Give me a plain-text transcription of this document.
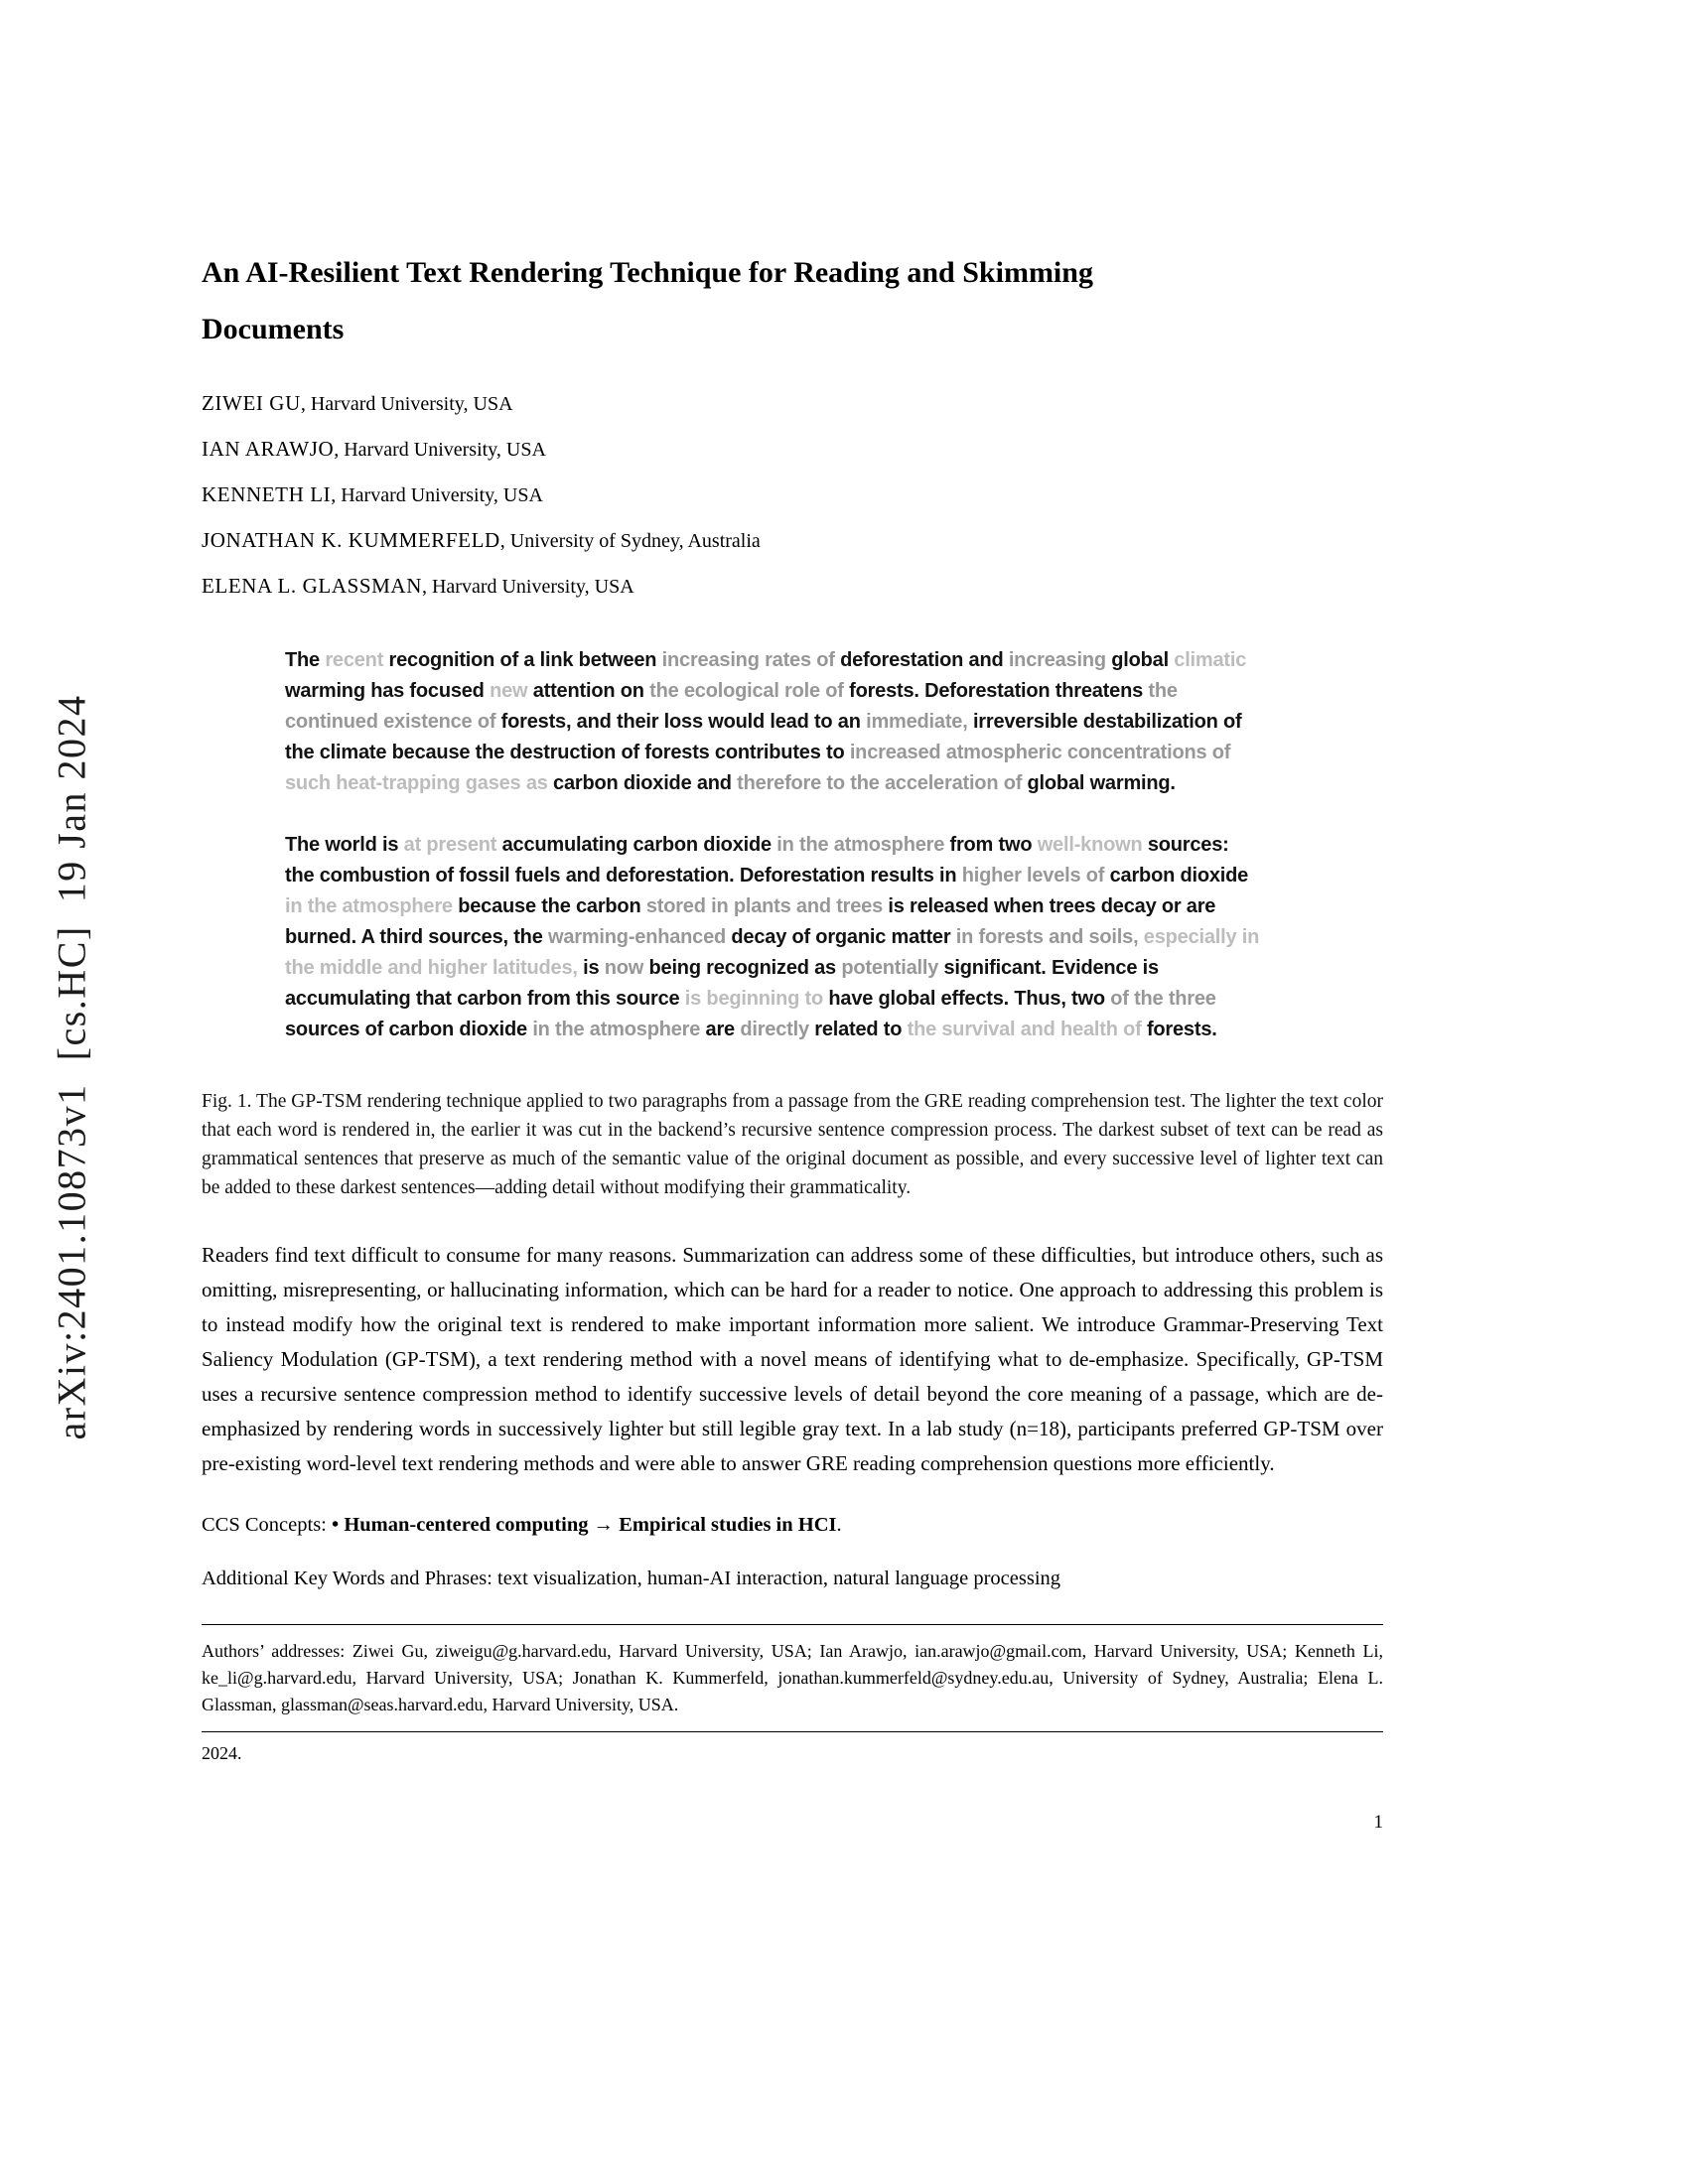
arXiv:2401.10873v1  [cs.HC]  19 Jan 2024
An AI-Resilient Text Rendering Technique for Reading and Skimming
Documents
ZIWEI GU, Harvard University, USA
IAN ARAWJO, Harvard University, USA
KENNETH LI, Harvard University, USA
JONATHAN K. KUMMERFELD, University of Sydney, Australia
ELENA L. GLASSMAN, Harvard University, USA

The recent recognition of a link between increasing rates of deforestation and increasing global climatic warming has focused new attention on the ecological role of forests. Deforestation threatens the continued existence of forests, and their loss would lead to an immediate, irreversible destabilization of the climate because the destruction of forests contributes to increased atmospheric concentrations of such heat-trapping gases as carbon dioxide and therefore to the acceleration of global warming.

The world is at present accumulating carbon dioxide in the atmosphere from two well-known sources: the combustion of fossil fuels and deforestation. Deforestation results in higher levels of carbon dioxide in the atmosphere because the carbon stored in plants and trees is released when trees decay or are burned. A third sources, the warming-enhanced decay of organic matter in forests and soils, especially in the middle and higher latitudes, is now being recognized as potentially significant. Evidence is accumulating that carbon from this source is beginning to have global effects. Thus, two of the three sources of carbon dioxide in the atmosphere are directly related to the survival and health of forests.

Fig. 1. The GP-TSM rendering technique applied to two paragraphs from a passage from the GRE reading comprehension test. The lighter the text color that each word is rendered in, the earlier it was cut in the backend’s recursive sentence compression process. The darkest subset of text can be read as grammatical sentences that preserve as much of the semantic value of the original document as possible, and every successive level of lighter text can be added to these darkest sentences—adding detail without modifying their grammaticality.
Readers find text difficult to consume for many reasons. Summarization can address some of these difficulties, but introduce others, such as omitting, misrepresenting, or hallucinating information, which can be hard for a reader to notice. One approach to addressing this problem is to instead modify how the original text is rendered to make important information more salient. We introduce Grammar-Preserving Text Saliency Modulation (GP-TSM), a text rendering method with a novel means of identifying what to de-emphasize. Specifically, GP-TSM uses a recursive sentence compression method to identify successive levels of detail beyond the core meaning of a passage, which are de-emphasized by rendering words in successively lighter but still legible gray text. In a lab study (n=18), participants preferred GP-TSM over pre-existing word-level text rendering methods and were able to answer GRE reading comprehension questions more efficiently.
CCS Concepts: • Human-centered computing → Empirical studies in HCI.
Additional Key Words and Phrases: text visualization, human-AI interaction, natural language processing
Authors’ addresses: Ziwei Gu, ziweigu@g.harvard.edu, Harvard University, USA; Ian Arawjo, ian.arawjo@gmail.com, Harvard University, USA; Kenneth Li, ke_li@g.harvard.edu, Harvard University, USA; Jonathan K. Kummerfeld, jonathan.kummerfeld@sydney.edu.au, University of Sydney, Australia; Elena L. Glassman, glassman@seas.harvard.edu, Harvard University, USA.
2024.
1
